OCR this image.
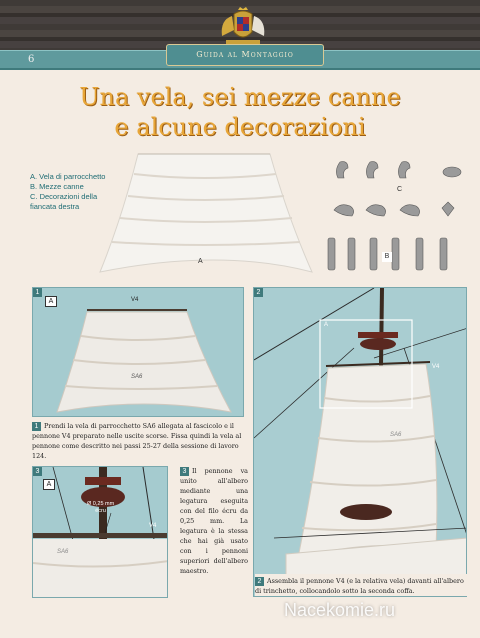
Guida al Montaggio
6
Una vela, sei mezze canne
e alcune decorazioni
A. Vela di parrocchetto
B. Mezze canne
C. Decorazioni della fiancata destra
A
C
B
1
A	V4
SA6
1 Prendi la vela di parrocchetto SA6 allegata al fascicolo e il pennone V4 preparato nelle uscite scorse. Fissa quindi la vela al pennone come descritto nei passi 25-27 della sessione di lavoro 124.
2
A
V4
SA6
2 Assembla il pennone V4 (e la relativa vela) davanti all'albero di trinchetto, collocandolo sotto la seconda coffa.
3
A
Ø 0,25 mm
écru
V4
SA6
3 Il pennone va unito all'albero mediante una legatura eseguita con del filo écru da 0,25 mm. La legatura è la stessa che hai già usato con i pennoni superiori dell'albero maestro.
Nacekomie.ru
